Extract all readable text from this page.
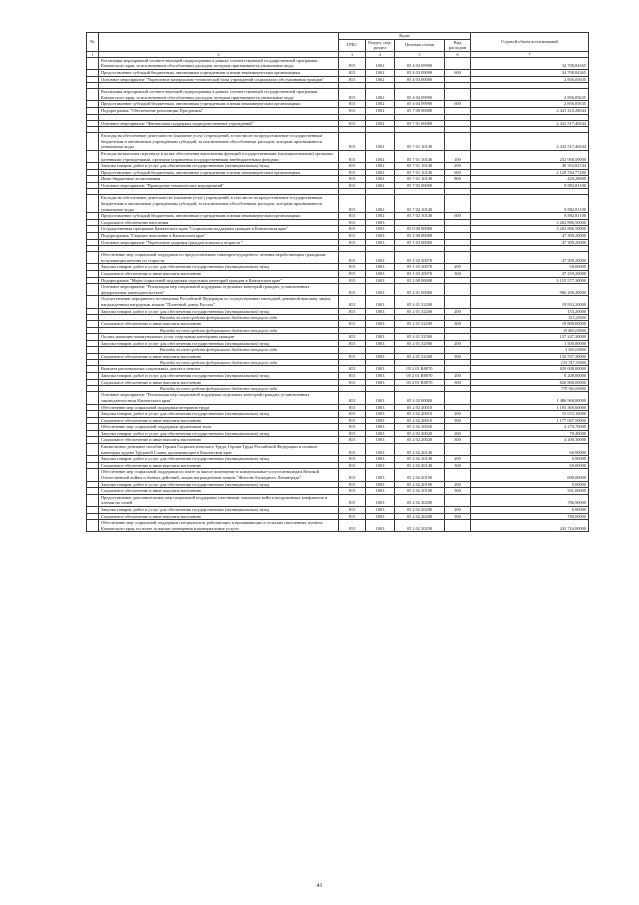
№		Коды				Годовой объем ассигнований
		ГРБС	Раздел, под-раздел	Целевая статья	Вид расходов	
1	2	3	4	5	6	7
	Реализация мероприятий соответствующей подпрограммы в рамках соответствующей государственной программы Камчатского края, за исключением обособленных расходов, которым присваиваются уникальные коды	815	1002	05 4 03 09990		34 708,84365
	Предоставление субсидий бюджетным, автономным учреждениям и иным некоммерческим организациям	815	1002	05 4 03 09990	600	34 708,84365
	Основное мероприятие "Укрепление материально-технической базы учреждений социального обслуживания граждан"	815	1002	05 4 04 00000		2 856,05635

	Реализация мероприятий соответствующей подпрограммы в рамках соответствующей государственной программы Камчатского края, за исключением обособленных расходов, которым присваиваются уникальные коды	815	1002	05 4 04 09990		2 856,05635
	Предоставление субсидий бюджетным, автономным учреждениям и иным некоммерческим организациям	815	1002	05 4 04 09990	600	2 856,05635
	Подпрограмма "Обеспечение реализации Программы"	815	1002	05 7 00 00000		2 441 410,28044

	Основное мероприятие "Финансовая поддержка подведомственных учреждений"	815	1002	05 7 01 00000		2 432 517,46944

	Расходы на обеспечение деятельности (оказание услуг) учреждений, в том числе на предоставление государственным бюджетным и автономным учреждениям субсидий, за исключением обособленных расходов, которым присваиваются уникальные коды	815	1002	05 7 01 10140		2 432 517,46944
	Расходы на выплаты персоналу в целях обеспечения выполнения функций государственными (муниципальными) органами, казенными учреждениями, органами управления государственными внебюджетными фондами	815	1002	05 7 01 10140	100	252 958,59000
	Закупка товаров, работ и услуг для обеспечения государственных (муниципальных) нужд	815	1002	05 7 01 10140	200	49 353,82744
	Предоставление субсидий бюджетным, автономным учреждениям и иным некоммерческим организациям	815	1002	05 7 01 10140	600	2 129 784,77200
	Иные бюджетные ассигнования	815	1002	05 7 01 10140	800	420,28000
	Основное мероприятие "Проведение тематических мероприятий"	815	1002	05 7 02 00000		8 892,81100

	Расходы на обеспечение деятельности (оказание услуг) учреждений, в том числе на предоставление государственным бюджетным и автономным учреждениям субсидий, за исключением обособленных расходов, которым присваиваются уникальные коды	815	1002	05 7 02 10140		8 892,81100
	Предоставление субсидий бюджетным, автономным учреждениям и иным некоммерческим организациям	815	1002	05 7 02 10140	600	8 892,81100
	Социальное обеспечение населения	815	1003			3 202 886,50000
	Государственная программа Камчатского края "Социальная поддержка граждан в Камчатском крае"	815	1003	05 0 00 00000		3 202 886,50000
	Подпрограмма "Старшее поколение в Камчатском крае"	815	1003	05 1 00 00000		47 309,20000
	Основное мероприятие "Укрепление здоровья граждан пожилого возраста "	815	1003	05 1 03 00000		47 309,20000

	Обеспечение мер социальной поддержки по предоставлению санаторно-курортного лечения неработающим гражданам, получающим пенсию по старости	815	1003	05 1 03 20070		47 309,20000
	Закупка товаров, работ и услуг для обеспечения государственных (муниципальных) нужд	815	1003	05 1 03 20070	200	50,00000
	Социальное обеспечение и иные выплаты населению	815	1003	05 1 03 20070	300	47 259,20000
	Подпрограмма "Меры социальной поддержки отдельных категорий граждан в Камчатском крае"	815	1003	05 2 00 00000		3 155 577,30000
	Основное мероприятие "Реализация мер социальной поддержки отдельных категорий граждан, установленных федеральным законодательством"	815	1003	05 2 01 00000		986 208,40000
	Осуществление переданного полномочия Российской Федерации по осуществлению ежегодной денежной выплаты лицам, награжденным нагрудным знаком "Почетный донор России"	815	1003	05 2 01 52200		19 953,20000
	Закупка товаров, работ и услуг для обеспечения государственных (муниципальных) нужд	815	1003	05 2 01 52200	200	153,20000
	Расходы за счет средств федерального бюджета текущего года					153,20000
	Социальное обеспечение и иные выплаты населению	815	1003	05 2 01 52200	300	19 800,00000
	Расходы за счет средств федерального бюджета текущего года					19 800,00000
	Оплата жилищно-коммунальных услуг отдельным категориям граждан	815	1003	05 2 01 52500		137 247,30000
	Закупка товаров, работ и услуг для обеспечения государственных (муниципальных) нужд	815	1003	05 2 01 52500	200	1 500,00000
	Расходы за счет средств федерального бюджета текущего года					1 500,00000
	Социальное обеспечение и иные выплаты населению	815	1003	05 2 01 52500	300	135 747,30000
	Расходы за счет средств федерального бюджета текущего года					135 747,30000
	Выплата региональных социальных доплат к пенсии	815	1003	05 2 01 R0070		829 008,00000
	Закупка товаров, работ и услуг для обеспечения государственных (муниципальных) нужд	815	1003	05 2 01 R0070	200	8 208,00000
	Социальное обеспечение и иные выплаты населению	815	1003	05 2 01 R0070	300	820 800,00000
	Расходы за счет средств федерального бюджета текущего года					779 760,00000
	Основное мероприятие "Реализация мер социальной поддержки отдельных категорий граждан, установленных законодательством Камчатского края"	815	1003	05 2 02 00000		1 486 968,80000
	Обеспечение мер социальной поддержки ветеранов труда	815	1003	05 2 02 20010		1 193 369,60000
	Закупка товаров, работ и услуг для обеспечения государственных (муниципальных) нужд	815	1003	05 2 02 20010	200	15 672,10000
	Социальное обеспечение и иные выплаты населению	815	1003	05 2 02 20010	300	1 177 697,50000
	Обеспечение мер социальной поддержки тружеников тыла	815	1003	05 2 02 20020		4 270,70000
	Закупка товаров, работ и услуг для обеспечения государственных (муниципальных) нужд	815	1003	05 2 02 20020	200	70,40000
	Социальное обеспечение и иные выплаты населению	815	1003	05 2 02 20020	300	4 200,30000
	Ежемесячное денежное пособие Героям Социалистического Труда, Героям Труда Российской Федерации и полным кавалерам ордена Трудовой Славы, проживающим в Камчатском крае	815	1003	05 2 02 20140		60,90000
	Закупка товаров, работ и услуг для обеспечения государственных (муниципальных) нужд	815	1003	05 2 02 20140	200	0,90000
	Социальное обеспечение и иные выплаты населению	815	1003	05 2 02 20140	300	60,00000
	Обеспечение мер социальной поддержки по плате за жилое помещение и коммунальные услуги инвалидам Великой Отечественной войны и боевых действий, лицам награжденным знаком "Жителю блокадного Ленинграда"	815	1003	05 2 02 20190		600,00000
	Закупка товаров, работ и услуг для обеспечения государственных (муниципальных) нужд	815	1003	05 2 02 20190	200	9,00000
	Социальное обеспечение и иные выплаты населению	815	1003	05 2 02 20190	300	591,00000
	Предоставление дополнительных мер социальной поддержки участникам локальных войн и вооруженных конфликтов и членам их семей	815	1003	05 2 02 20200		786,90000
	Закупка товаров, работ и услуг для обеспечения государственных (муниципальных) нужд	815	1003	05 2 02 20200	200	6,90000
	Социальное обеспечение и иные выплаты населению	815	1003	05 2 02 20200	300	780,00000
	Обеспечение мер социальной поддержки специалистов, работающих и проживающих в сельских населенных пунктах Камчатского края, по плате за жилые помещения и коммунальные услуги	815	1003	05 2 02 20230		243 716,80000
41
